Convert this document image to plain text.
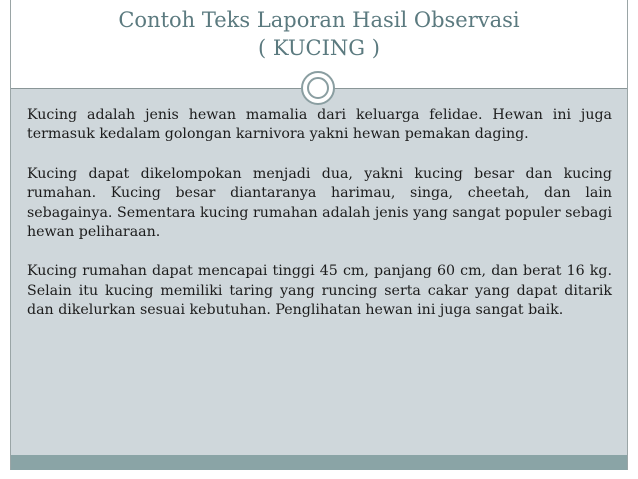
Contoh Teks Laporan Hasil Observasi
( KUCING )

Kucing adalah jenis hewan mamalia dari keluarga felidae. Hewan ini juga termasuk kedalam golongan karnivora yakni hewan pemakan daging.

Kucing dapat dikelompokan menjadi dua, yakni kucing besar dan kucing rumahan. Kucing besar diantaranya harimau, singa, cheetah, dan lain sebagainya. Sementara kucing rumahan adalah jenis yang sangat populer sebagi hewan peliharaan.

Kucing rumahan dapat mencapai tinggi 45 cm, panjang 60 cm, dan berat 16 kg. Selain itu kucing memiliki taring yang runcing serta cakar yang dapat ditarik dan dikelurkan sesuai kebutuhan. Penglihatan hewan ini juga sangat baik.
